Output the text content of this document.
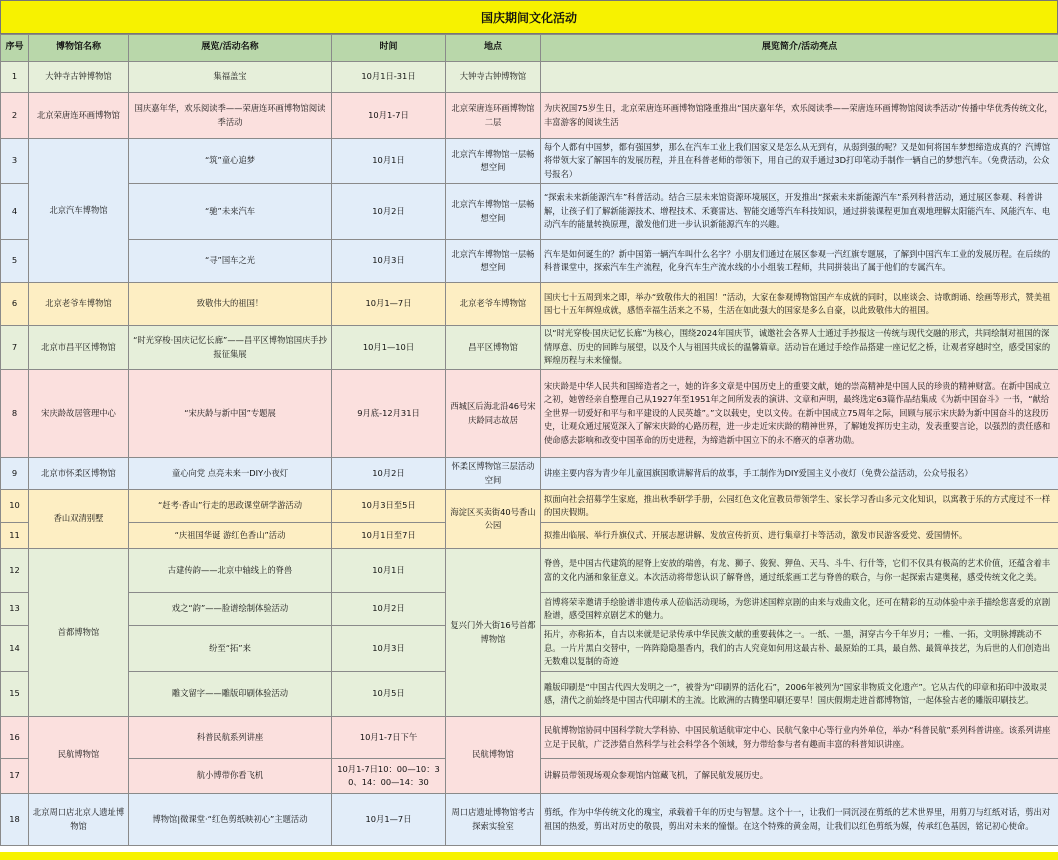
国庆期间文化活动
序号	博物馆名称	展览/活动名称	时间	地点	展览简介/活动亮点
1	大钟寺古钟博物馆	集福盖宝	10月1日-31日	大钟寺古钟博物馆	
2	北京荣唐连环画博物馆	国庆嘉年华，欢乐阅读季——荣唐连环画博物馆阅读季活动	10月1-7日	北京荣唐连环画博物馆二层	为庆祝国75岁生日，北京荣唐连环画博物馆隆重推出“国庆嘉年华，欢乐阅读季——荣唐连环画博物馆阅读季活动”传播中华优秀传统文化，丰富游客的阅读生活
3	北京汽车博物馆	“筑”童心追梦	10月1日	北京汽车博物馆一层畅想空间	每个人都有中国梦，都有强国梦，那么在汽车工业上我们国家又是怎么从无到有，从弱到强的呢？又是如何将国车梦想缔造成真的？汽博馆将带领大家了解国车的发展历程，并且在科普老师的带领下，用自己的双手通过3D打印笔动手制作一辆自己的梦想汽车。（免费活动，公众号报名）
4		“驰”未来汽车	10月2日	北京汽车博物馆一层畅想空间	“探索未来新能源汽车”科普活动。结合三层未来馆资源环境展区，开发推出“探索未来新能源汽车”系列科普活动，通过展区参观、科普讲解，让孩子们了解新能源技术、增程技术、禾赛雷达、智能交通等汽车科技知识，通过拼装课程更加直观地理解太阳能汽车、风能汽车、电动汽车的能量转换原理，激发他们进一步认识新能源汽车的兴趣。
5		“寻”国车之光	10月3日	北京汽车博物馆一层畅想空间	汽车是如何诞生的？新中国第一辆汽车叫什么名字？小朋友们通过在展区参观一汽红旗专题展，了解到中国汽车工业的发展历程。在后续的科普课堂中，探索汽车生产流程，化身汽车生产流水线的小小组装工程师，共同拼装出了属于他们的专属汽车。
6	北京老爷车博物馆	致敬伟大的祖国！	10月1—7日	北京老爷车博物馆	国庆七十五周到来之即，举办“致敬伟大的祖国！”活动，大家在参观博物馆国产车成就的同时，以座谈会、诗歌朗诵、绘画等形式，赞美祖国七十五年辉煌成就，感悟幸福生活来之不易，生活在如此强大的国家是多么自豪，以此致敬伟大的祖国。
7	北京市昌平区博物馆	“时光穿梭·国庆记忆长廊”——昌平区博物馆国庆手抄报征集展	10月1—10日	昌平区博物馆	以“时光穿梭·国庆记忆长廊”为核心，围绕2024年国庆节，诚邀社会各界人士通过手抄报这一传统与现代交融的形式，共同绘制对祖国的深情厚意、历史的回眸与展望，以及个人与祖国共成长的温馨篇章。活动旨在通过手绘作品搭建一座记忆之桥，让观者穿越时空，感受国家的辉煌历程与未来憧憬。
8	宋庆龄故居管理中心	“宋庆龄与新中国”专题展	9月底-12月31日	西城区后海北沿46号宋庆龄同志故居	宋庆龄是中华人民共和国缔造者之一，她的许多文章是中国历史上的重要文献，她的崇高精神是中国人民的珍贵的精神财富。在新中国成立之初，她曾经亲自整理自己从1927年至1951年之间所发表的演讲、文章和声明，最终选定63篇作品结集成《为新中国奋斗》一书，“献给全世界一切爱好和平与和平建设的人民英雄”。”文以载史，史以文传。在新中国成立75周年之际，回顾与展示宋庆龄为新中国奋斗的这段历史，让观众通过展览深入了解宋庆龄的心路历程，进一步走近宋庆龄的精神世界，了解她发挥历史主动，发表重要言论，以强烈的责任感和使命感去影响和改变中国革命的历史进程，为缔造新中国立下的永不磨灭的卓著功勋。
9	北京市怀柔区博物馆	童心向党 点亮未来一DIY小夜灯	10月2日	怀柔区博物馆三层活动空间	讲座主要内容为青少年儿童国旗国歌讲解背后的故事，手工制作为DIY爱国主义小夜灯（免费公益活动，公众号报名）
10	香山双清别墅	“赶考·香山”行走的思政课堂研学游活动	10月3日至5日	海淀区买卖街40号香山公园	拟面向社会招募学生家庭，推出秋季研学手册，公园红色文化宣教员带领学生、家长学习香山多元文化知识，以寓教于乐的方式度过不一样的国庆假期。
11		“庆祖国华诞 游红色香山”活动	10月1日至7日		拟推出临展、举行升旗仪式、开展志愿讲解、发放宣传折页、进行集章打卡等活动，激发市民游客爱党、爱国情怀。
12	首都博物馆	古建传韵——北京中轴线上的脊兽	10月1日	复兴门外大街16号首都博物馆	脊兽，是中国古代建筑的屋脊上安放的瑞兽，有龙、狮子、狻猊、狎鱼、天马、斗牛、行什等，它们不仅具有极高的艺术价值，还蕴含着丰富的文化内涵和象征意义。本次活动将带您认识了解脊兽，通过纸浆画工艺与脊兽的联合，与你一起探索古建奥秘，感受传统文化之美。
13		戏之“韵”——脸谱绘制体验活动	10月2日		首博将荣幸邀请手绘脸谱非遗传承人莅临活动现场，为您讲述国粹京剧的由来与戏曲文化，还可在精彩的互动体验中亲手描绘您喜爱的京剧脸谱，感受国粹京剧艺术的魅力。
14		纷至“拓”来	10月3日		拓片，亦称拓本，自古以来就是记录传承中华民族文献的重要载体之一。一纸、一墨，洞穿古今千年岁月；一椎、一拓，文明脉搏跳动不息。一片片黑白交替中，一阵阵隐隐墨香内，我们的古人究竟如何用这最古朴、最原始的工具，最自然、最简单技艺，为后世的人们创造出无数难以复制的奇迹
15		雕文留字——雕版印刷体验活动	10月5日		雕版印刷是“中国古代四大发明之一”，被誉为“印刷界的活化石”，2006年被列为“国家非物质文化遗产”。它从古代的印章和拓印中汲取灵感，清代之前始终是中国古代印刷术的主流。比欧洲的古腾堡印刷还要早！国庆假期走进首都博物馆，一起体验古老的雕版印刷技艺。
16	民航博物馆	科普民航系列讲座	10月1-7日下午	民航博物馆	民航博物馆协同中国科学院大学科协、中国民航适航审定中心、民航气象中心等行业内外单位，举办“科普民航”系列科普讲座。该系列讲座立足于民航，广泛涉猎自然科学与社会科学各个领域，努力带给参与者有趣而丰富的科普知识讲座。
17		航小博带你看飞机	10月1-7日10：00—10：30、14：00—14：30		讲解员带领现场观众参观馆内馆藏飞机，了解民航发展历史。
18	北京周口店北京人遗址博物馆	博物馆|微课堂·“红色剪纸映初心”主题活动	10月1—7日	周口店遗址博物馆考古探索实验室	剪纸，作为中华传统文化的瑰宝，承载着千年的历史与智慧。这个十一，让我们一同沉浸在剪纸的艺术世界里，用剪刀与红纸对话，剪出对祖国的热爱，剪出对历史的敬畏，剪出对未来的憧憬。在这个特殊的黄金周，让我们以红色剪纸为媒，传承红色基因，铭记初心使命。
